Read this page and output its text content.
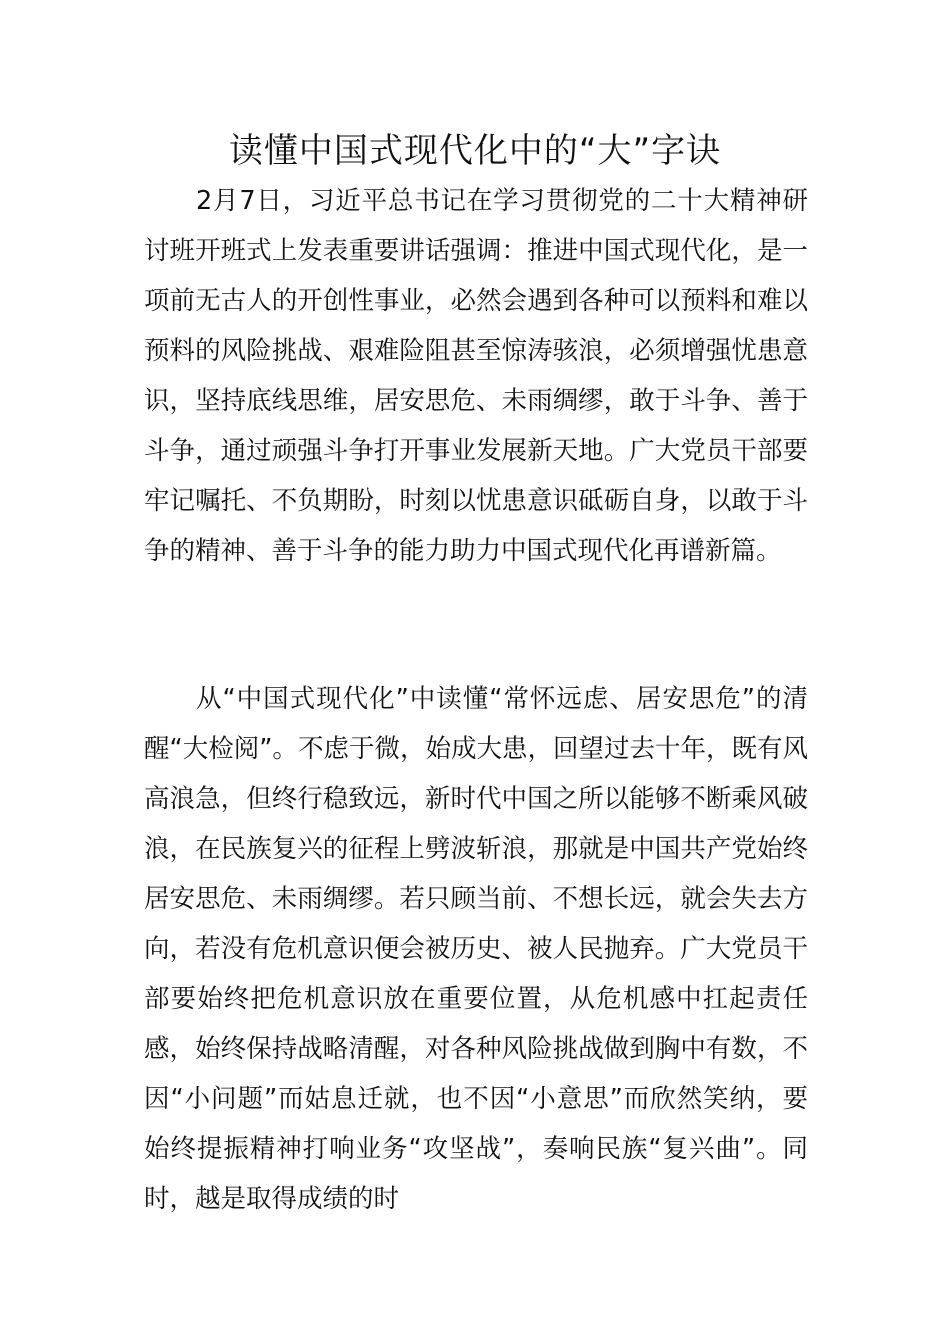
读懂中国式现代化中的“大”字诀

2月7日，习近平总书记在学习贯彻党的二十大精神研讨班开班式上发表重要讲话强调：推进中国式现代化，是一项前无古人的开创性事业，必然会遇到各种可以预料和难以预料的风险挑战、艰难险阻甚至惊涛骇浪，必须增强忧患意识，坚持底线思维，居安思危、未雨绸缪，敢于斗争、善于斗争，通过顽强斗争打开事业发展新天地。广大党员干部要牢记嘱托、不负期盼，时刻以忧患意识砥砺自身，以敢于斗争的精神、善于斗争的能力助力中国式现代化再谱新篇。

从“中国式现代化”中读懂“常怀远虑、居安思危”的清醒“大检阅”。不虑于微，始成大患，回望过去十年，既有风高浪急，但终行稳致远，新时代中国之所以能够不断乘风破浪，在民族复兴的征程上劈波斩浪，那就是中国共产党始终居安思危、未雨绸缪。若只顾当前、不想长远，就会失去方向，若没有危机意识便会被历史、被人民抛弃。广大党员干部要始终把危机意识放在重要位置，从危机感中扛起责任感，始终保持战略清醒，对各种风险挑战做到胸中有数，不因“小问题”而姑息迁就，也不因“小意思”而欣然笑纳，要始终提振精神打响业务“攻坚战”，奏响民族“复兴曲”。同时，越是取得成绩的时
